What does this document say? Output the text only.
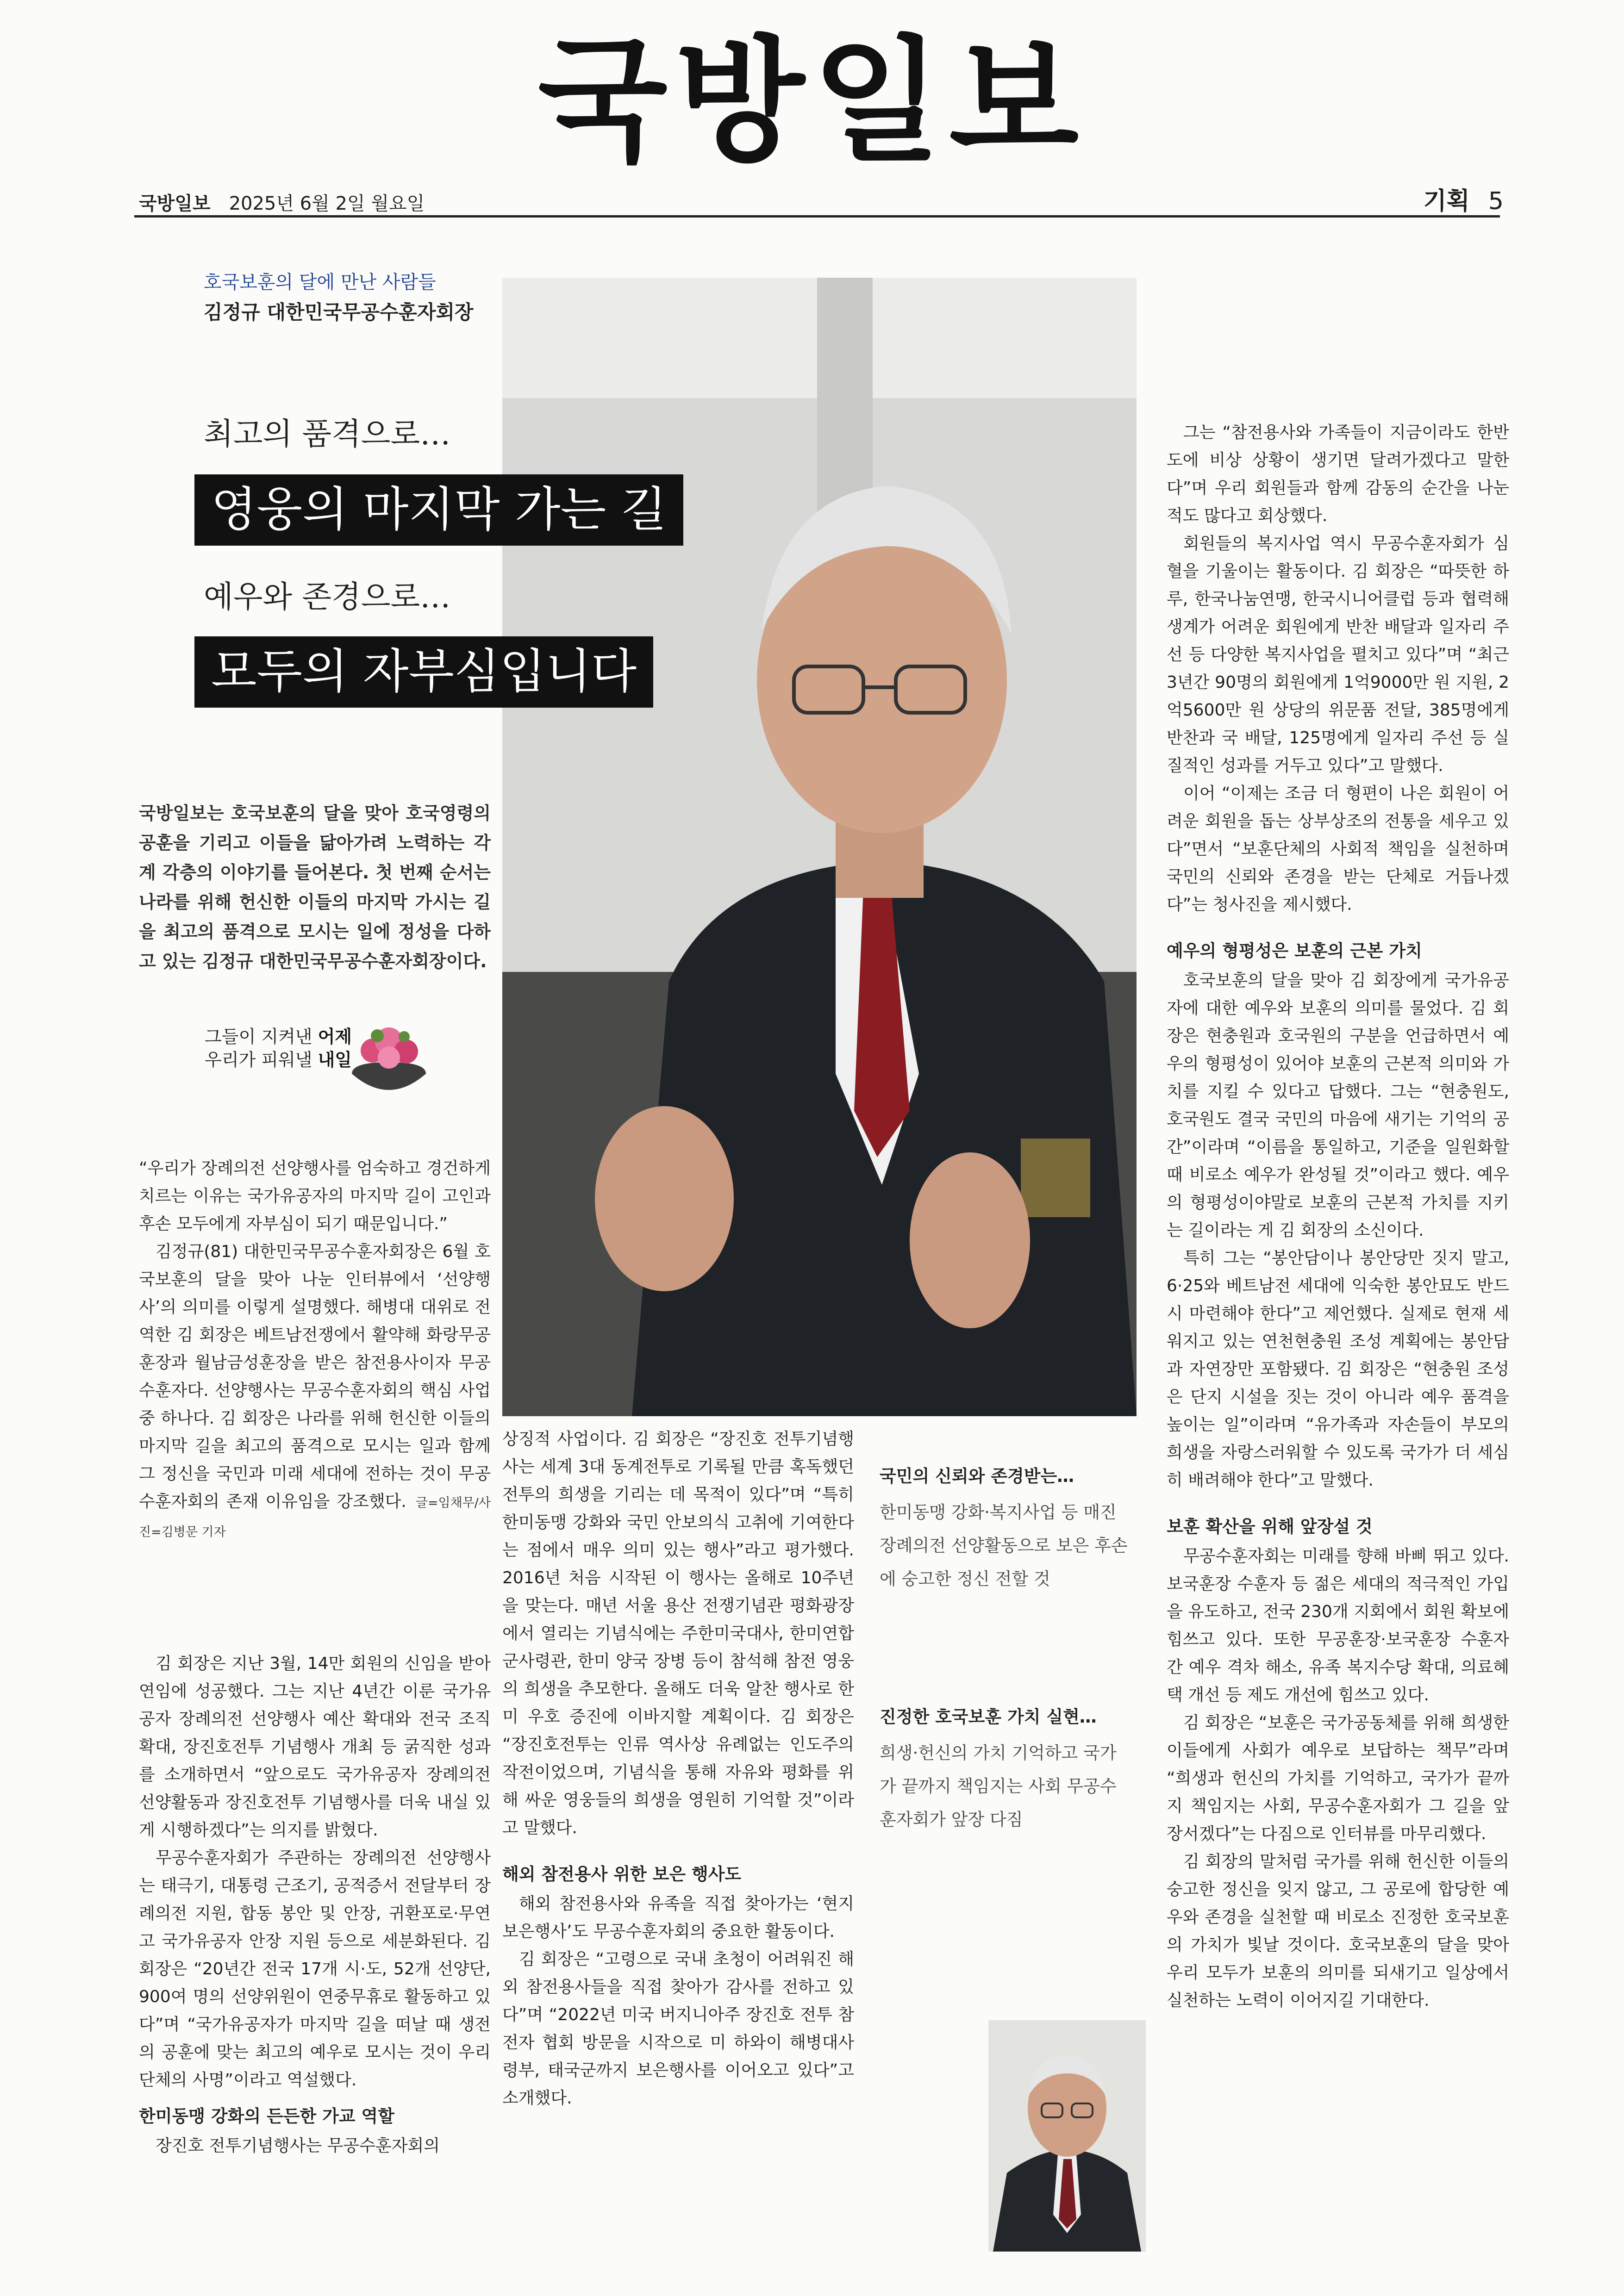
국방일보
국방일보 2025년 6월 2일 월요일	기획 5
호국보훈의 달에 만난 사람들
김정규 대한민국무공수훈자회장
최고의 품격으로…
영웅의 마지막 가는 길
예우와 존경으로…
모두의 자부심입니다
국방일보는 호국보훈의 달을 맞아 호국영령의 공훈을 기리고 이들을 닮아가려 노력하는 각계 각층의 이야기를 들어본다. 첫 번째 순서는 나라를 위해 헌신한 이들의 마지막 가시는 길을 최고의 품격으로 모시는 일에 정성을 다하고 있는 김정규 대한민국무공수훈자회장이다.
그들이 지켜낸 어제
우리가 피워낼 내일

“우리가 장례의전 선양행사를 엄숙하고 경건하게 치르는 이유는 국가유공자의 마지막 길이 고인과 후손 모두에게 자부심이 되기 때문입니다.”

김정규(81) 대한민국무공수훈자회장은 6월 호국보훈의 달을 맞아 나눈 인터뷰에서 ‘선양행사’의 의미를 이렇게 설명했다. 해병대 대위로 전역한 김 회장은 베트남전쟁에서 활약해 화랑무공훈장과 월남금성훈장을 받은 참전용사이자 무공수훈자다. 선양행사는 무공수훈자회의 핵심 사업 중 하나다. 김 회장은 나라를 위해 헌신한 이들의 마지막 길을 최고의 품격으로 모시는 일과 함께 그 정신을 국민과 미래 세대에 전하는 것이 무공수훈자회의 존재 이유임을 강조했다. 글=임채무/사진=김병문 기자

김 회장은 지난 3월, 14만 회원의 신임을 받아 연임에 성공했다. 그는 지난 4년간 이룬 국가유공자 장례의전 선양행사 예산 확대와 전국 조직 확대, 장진호전투 기념행사 개최 등 굵직한 성과를 소개하면서 “앞으로도 국가유공자 장례의전 선양활동과 장진호전투 기념행사를 더욱 내실 있게 시행하겠다”는 의지를 밝혔다.

무공수훈자회가 주관하는 장례의전 선양행사는 태극기, 대통령 근조기, 공적증서 전달부터 장례의전 지원, 합동 봉안 및 안장, 귀환포로·무연고 국가유공자 안장 지원 등으로 세분화된다. 김 회장은 “20년간 전국 17개 시·도, 52개 선양단, 900여 명의 선양위원이 연중무휴로 활동하고 있다”며 “국가유공자가 마지막 길을 떠날 때 생전의 공훈에 맞는 최고의 예우로 모시는 것이 우리 단체의 사명”이라고 역설했다.

한미동맹 강화의 든든한 가교 역할

장진호 전투기념행사는 무공수훈자회의

상징적 사업이다. 김 회장은 “장진호 전투기념행사는 세계 3대 동계전투로 기록될 만큼 혹독했던 전투의 희생을 기리는 데 목적이 있다”며 “특히 한미동맹 강화와 국민 안보의식 고취에 기여한다는 점에서 매우 의미 있는 행사”라고 평가했다. 2016년 처음 시작된 이 행사는 올해로 10주년을 맞는다. 매년 서울 용산 전쟁기념관 평화광장에서 열리는 기념식에는 주한미국대사, 한미연합군사령관, 한미 양국 장병 등이 참석해 참전 영웅의 희생을 추모한다. 올해도 더욱 알찬 행사로 한미 우호 증진에 이바지할 계획이다. 김 회장은 “장진호전투는 인류 역사상 유례없는 인도주의 작전이었으며, 기념식을 통해 자유와 평화를 위해 싸운 영웅들의 희생을 영원히 기억할 것”이라고 말했다.

해외 참전용사 위한 보은 행사도

해외 참전용사와 유족을 직접 찾아가는 ‘현지 보은행사’도 무공수훈자회의 중요한 활동이다.

김 회장은 “고령으로 국내 초청이 어려워진 해외 참전용사들을 직접 찾아가 감사를 전하고 있다”며 “2022년 미국 버지니아주 장진호 전투 참전자 협회 방문을 시작으로 미 하와이 해병대사령부, 태국군까지 보은행사를 이어오고 있다”고 소개했다.

국민의 신뢰와 존경받는…

한미동맹 강화·복지사업 등 매진 장례의전 선양활동으로 보은 후손에 숭고한 정신 전할 것

진정한 호국보훈 가치 실현…

희생·헌신의 가치 기억하고 국가가 끝까지 책임지는 사회 무공수훈자회가 앞장 다짐

그는 “참전용사와 가족들이 지금이라도 한반도에 비상 상황이 생기면 달려가겠다고 말한다”며 우리 회원들과 함께 감동의 순간을 나눈 적도 많다고 회상했다.

회원들의 복지사업 역시 무공수훈자회가 심혈을 기울이는 활동이다. 김 회장은 “따뜻한 하루, 한국나눔연맹, 한국시니어클럽 등과 협력해 생계가 어려운 회원에게 반찬 배달과 일자리 주선 등 다양한 복지사업을 펼치고 있다”며 “최근 3년간 90명의 회원에게 1억9000만 원 지원, 2억5600만 원 상당의 위문품 전달, 385명에게 반찬과 국 배달, 125명에게 일자리 주선 등 실질적인 성과를 거두고 있다”고 말했다.

이어 “이제는 조금 더 형편이 나은 회원이 어려운 회원을 돕는 상부상조의 전통을 세우고 있다”면서 “보훈단체의 사회적 책임을 실천하며 국민의 신뢰와 존경을 받는 단체로 거듭나겠다”는 청사진을 제시했다.

예우의 형평성은 보훈의 근본 가치

호국보훈의 달을 맞아 김 회장에게 국가유공자에 대한 예우와 보훈의 의미를 물었다. 김 회장은 현충원과 호국원의 구분을 언급하면서 예우의 형평성이 있어야 보훈의 근본적 의미와 가치를 지킬 수 있다고 답했다. 그는 “현충원도, 호국원도 결국 국민의 마음에 새기는 기억의 공간”이라며 “이름을 통일하고, 기준을 일원화할 때 비로소 예우가 완성될 것”이라고 했다. 예우의 형평성이야말로 보훈의 근본적 가치를 지키는 길이라는 게 김 회장의 소신이다.

특히 그는 “봉안담이나 봉안당만 짓지 말고, 6·25와 베트남전 세대에 익숙한 봉안묘도 반드시 마련해야 한다”고 제언했다. 실제로 현재 세워지고 있는 연천현충원 조성 계획에는 봉안담과 자연장만 포함됐다. 김 회장은 “현충원 조성은 단지 시설을 짓는 것이 아니라 예우 품격을 높이는 일”이라며 “유가족과 자손들이 부모의 희생을 자랑스러워할 수 있도록 국가가 더 세심히 배려해야 한다”고 말했다.

보훈 확산을 위해 앞장설 것

무공수훈자회는 미래를 향해 바삐 뛰고 있다. 보국훈장 수훈자 등 젊은 세대의 적극적인 가입을 유도하고, 전국 230개 지회에서 회원 확보에 힘쓰고 있다. 또한 무공훈장·보국훈장 수훈자 간 예우 격차 해소, 유족 복지수당 확대, 의료혜택 개선 등 제도 개선에 힘쓰고 있다.

김 회장은 “보훈은 국가공동체를 위해 희생한 이들에게 사회가 예우로 보답하는 책무”라며 “희생과 헌신의 가치를 기억하고, 국가가 끝까지 책임지는 사회, 무공수훈자회가 그 길을 앞장서겠다”는 다짐으로 인터뷰를 마무리했다.

김 회장의 말처럼 국가를 위해 헌신한 이들의 숭고한 정신을 잊지 않고, 그 공로에 합당한 예우와 존경을 실천할 때 비로소 진정한 호국보훈의 가치가 빛날 것이다. 호국보훈의 달을 맞아 우리 모두가 보훈의 의미를 되새기고 일상에서 실천하는 노력이 이어지길 기대한다.
